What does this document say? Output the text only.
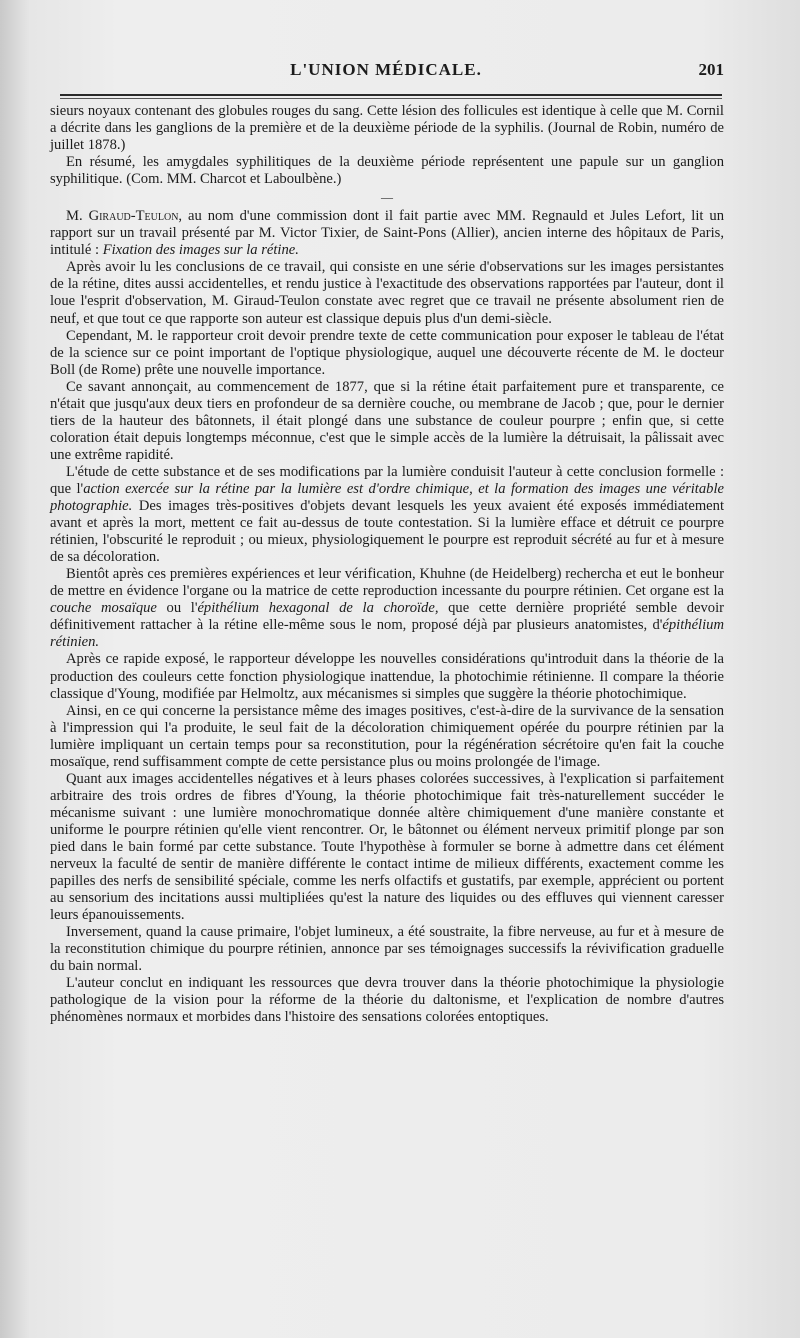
L'UNION MÉDICALE.	201

sieurs noyaux contenant des globules rouges du sang. Cette lésion des follicules est identique à celle que M. Cornil a décrite dans les ganglions de la première et de la deuxième période de la syphilis. (Journal de Robin, numéro de juillet 1878.)

En résumé, les amygdales syphilitiques de la deuxième période représentent une papule sur un ganglion syphilitique. (Com. MM. Charcot et Laboulbène.)

—

M. Giraud-Teulon, au nom d'une commission dont il fait partie avec MM. Regnauld et Jules Lefort, lit un rapport sur un travail présenté par M. Victor Tixier, de Saint-Pons (Allier), ancien interne des hôpitaux de Paris, intitulé : Fixation des images sur la rétine.

Après avoir lu les conclusions de ce travail, qui consiste en une série d'observations sur les images persistantes de la rétine, dites aussi accidentelles, et rendu justice à l'exactitude des observations rapportées par l'auteur, dont il loue l'esprit d'observation, M. Giraud-Teulon constate avec regret que ce travail ne présente absolument rien de neuf, et que tout ce que rapporte son auteur est classique depuis plus d'un demi-siècle.

Cependant, M. le rapporteur croit devoir prendre texte de cette communication pour exposer le tableau de l'état de la science sur ce point important de l'optique physiologique, auquel une découverte récente de M. le docteur Boll (de Rome) prête une nouvelle importance.

Ce savant annonçait, au commencement de 1877, que si la rétine était parfaitement pure et transparente, ce n'était que jusqu'aux deux tiers en profondeur de sa dernière couche, ou membrane de Jacob ; que, pour le dernier tiers de la hauteur des bâtonnets, il était plongé dans une substance de couleur pourpre ; enfin que, si cette coloration était depuis longtemps méconnue, c'est que le simple accès de la lumière la détruisait, la pâlissait avec une extrême rapidité.

L'étude de cette substance et de ses modifications par la lumière conduisit l'auteur à cette conclusion formelle : que l'action exercée sur la rétine par la lumière est d'ordre chimique, et la formation des images une véritable photographie. Des images très-positives d'objets devant lesquels les yeux avaient été exposés immédiatement avant et après la mort, mettent ce fait au-dessus de toute contestation. Si la lumière efface et détruit ce pourpre rétinien, l'obscurité le reproduit ; ou mieux, physiologiquement le pourpre est reproduit sécrété au fur et à mesure de sa décoloration.

Bientôt après ces premières expériences et leur vérification, Khuhne (de Heidelberg) rechercha et eut le bonheur de mettre en évidence l'organe ou la matrice de cette reproduction incessante du pourpre rétinien. Cet organe est la couche mosaïque ou l'épithélium hexagonal de la choroïde, que cette dernière propriété semble devoir définitivement rattacher à la rétine elle-même sous le nom, proposé déjà par plusieurs anatomistes, d'épithélium rétinien.

Après ce rapide exposé, le rapporteur développe les nouvelles considérations qu'introduit dans la théorie de la production des couleurs cette fonction physiologique inattendue, la photochimie rétinienne. Il compare la théorie classique d'Young, modifiée par Helmoltz, aux mécanismes si simples que suggère la théorie photochimique.

Ainsi, en ce qui concerne la persistance même des images positives, c'est-à-dire de la survivance de la sensation à l'impression qui l'a produite, le seul fait de la décoloration chimiquement opérée du pourpre rétinien par la lumière impliquant un certain temps pour sa reconstitution, pour la régénération sécrétoire qu'en fait la couche mosaïque, rend suffisamment compte de cette persistance plus ou moins prolongée de l'image.

Quant aux images accidentelles négatives et à leurs phases colorées successives, à l'explication si parfaitement arbitraire des trois ordres de fibres d'Young, la théorie photochimique fait très-naturellement succéder le mécanisme suivant : une lumière monochromatique donnée altère chimiquement d'une manière constante et uniforme le pourpre rétinien qu'elle vient rencontrer. Or, le bâtonnet ou élément nerveux primitif plonge par son pied dans le bain formé par cette substance. Toute l'hypothèse à formuler se borne à admettre dans cet élément nerveux la faculté de sentir de manière différente le contact intime de milieux différents, exactement comme les papilles des nerfs de sensibilité spéciale, comme les nerfs olfactifs et gustatifs, par exemple, apprécient ou portent au sensorium des incitations aussi multipliées qu'est la nature des liquides ou des effluves qui viennent caresser leurs épanouissements.

Inversement, quand la cause primaire, l'objet lumineux, a été soustraite, la fibre nerveuse, au fur et à mesure de la reconstitution chimique du pourpre rétinien, annonce par ses témoignages successifs la révivification graduelle du bain normal.

L'auteur conclut en indiquant les ressources que devra trouver dans la théorie photochimique la physiologie pathologique de la vision pour la réforme de la théorie du daltonisme, et l'explication de nombre d'autres phénomènes normaux et morbides dans l'histoire des sensations colorées entoptiques.
